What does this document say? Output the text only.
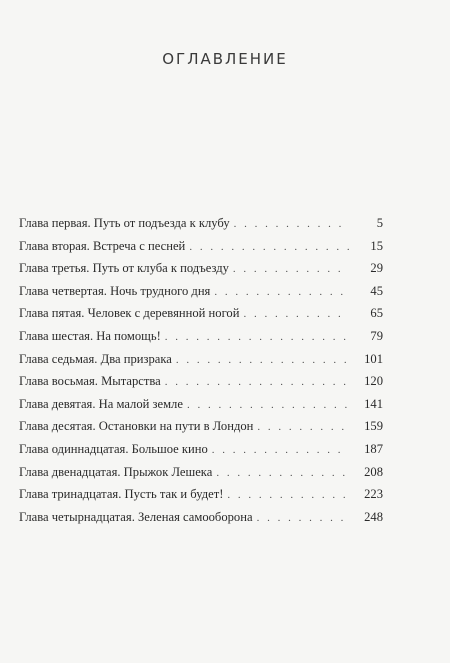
ОГЛАВЛЕНИЕ
Глава первая. Путь от подъезда к клубу . . .	5
Глава вторая. Встреча с песней . . .	15
Глава третья. Путь от клуба к подъезду . . .	29
Глава четвертая. Ночь трудного дня . . .	45
Глава пятая. Человек с деревянной ногой . . .	65
Глава шестая. На помощь! . . .	79
Глава седьмая. Два призрака . . .	101
Глава восьмая. Мытарства . . .	120
Глава девятая. На малой земле . . .	141
Глава десятая. Остановки на пути в Лондон . . .	159
Глава одиннадцатая. Большое кино . . .	187
Глава двенадцатая. Прыжок Лешека . . .	208
Глава тринадцатая. Пусть так и будет! . . .	223
Глава четырнадцатая. Зеленая самооборона . . .	248
